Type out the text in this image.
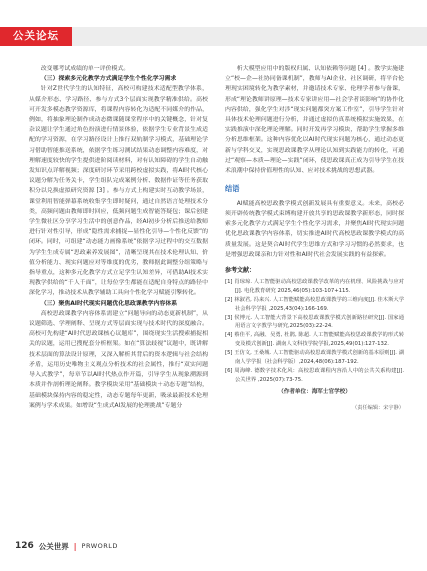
公关论坛

改变哪考试成绩的单一评价模式。

（三）探索多元化教学方式满足学生个性化学习需求

针对Z世代学生的认知特征，高校可构建技术适配型教学体系，从媒介形态、学习路径、参与方式3个层面实现教学精准供给。高校可开发多模态教学资源库，将课程内容转化为适配不同媒介的作品，例如，将抽象理论制作成动态微课随课堂程序中的关键概念，针对复杂议题让学生通过角色扮演进行情景体验，依据学生专业背景生成适配的学习资源，在学习路径设计上推行双轨制学习模式，基础理论学习借助智能推送系统，依据学生练习测试结果动态调整内容难度，对理解速度较快的学生提供进阶阅读材料，对有认知障碍的学生自动触发知识点详解视频；深度研讨环节采用跨校虚拟实践，将AI时代核心议题分解为任务关卡，学生组队完成案例分析、数据作证等任务获取积分以兑换虚拟研究资源 [3] 。参与方式上构建实时互动教学场景，课堂利用智能弹幕系统收集学生即时疑问，通过自然语言处理技术分类，高频问题由教师即时回应，低频问题生成智能答疑包；课后创建学生微社区分享学习生活中的创意作品，经AI初步分析后推送给教师进行针对性引导，形成“隐性需求捕捉—显性化引导—个性化反馈”的闭环。同时，可组建“动态能力画像系统”依据学习过程中的交互数据为学生生成专属“思政素养发展图”，清晰呈现其在技术伦理认知、价值分析能力、现实问题应对等维度的优劣，教师据此调整分组策略与指导重点，这种多元化教学方式立足学生认知差异，可借助AI技术实现教学供给的“千人千面”，让每位学生都能在适配自身特点的路径中深化学习，推动技术从教学辅助工具向个性化学习赋能引擎转化。

（三）聚焦AI时代现实问题优化思政课教学内容体系

高校思政课教学内容体系需建立“问题导向的动态更新机制”，从议题筛选、学理阐释、呈现方式等层面实现与技术时代的深度融合。高校可先构建“AI时代思政课核心议题库”，围绕现实生活搜索捕捉相关的议题，运用已搜配套分析框架。如在“算法歧视”议题中，既讲解技术层面的算法设计原理，又深入解析其背后的资本逻辑与社会结构矛盾，运用历史唯物主义观点分析技术的社会属性，推行“双实问题导入式教学”，每章节以AI时代热点作开篇，引导学生从现象溯源到本质并作剖析理论阐释。教学模块采用“基础模块＋动态专题”结构，基础模块保持内容的稳定性，动态专题每年更新，吸录最新技术伦理案例与学术成果。如增设“生成式AI发展的伦理挑战”专题分

析大模型应用中的版权归属、认知依赖等问题 [4] 。教学实施建立“校—企—社协同备课机制”，教师与AI企业、社区调研，将平台伦理现实困境转化为教学素材，并邀请技术专家、伦理学者参与备课，形成“理论教师讲原理—技术专家讲应用—社会学者谈影响”的协作化内容供给，强化学生对涉“现实问题都突方案工作室”，引导学生针对具体技术伦理问题进行分析，并通过虚拟仿真系统模拟实施效果，在实践推演中深化理论理解。同时开发再学习模块，帮助学生掌握多维分析思维框架。这种内容优化以AI时代现实问题为核心，通过动态更新与学科交叉，实现思政课教学从理论认知到实践能力的转化，可通过“观察—本质—理论—实践”闭环，使思政课真正成为引导学生在技术浪潮中保持价值理性的认知、应对技术挑战的思想武器。

结语

AI赋能高校思政教学模式创新发展具有重要意义。未来，高校必须开辟传统教学模式束缚构建开放共享的思政课教学新形态，同时探索多元化教学方式满足学生个性化学习需求，并聚焦AI时代现实问题优化思政课教学内容体系，切实推进AI时代高校思政课教学模式的高质量发展。这是契合AI时代学生思维方式和学习习惯的必然要求，也是增强思政课亲和力针对性和AI时代社会发展实践的有益探索。

参考文献：
[1] 肖琼琼. 人工智能驱动高校思政课教学改革的内在机理、风险挑战与应对[J]. 电化教育研究 2025,46(05):103-107+115.
[2] 林淑君, 冯来兴. 人工智能赋能高校思政课教学的三维向度[J]. 佳木斯大学社会科学学报 ,2025,43(04):166-169.
[3] 侯博元. 人工智能大背景下高校思政课教学模式创新路径研究[J]. 国家通用语言文字教学与研究,2025(03):22-24.
[4] 蔡佳平, 高融、吴勇, 杜鹃, 陈超. 人工智能赋能高校思政课教学的形式转变及模式创新[J]. 湖南人文科技学院学报,2025,49(01):127-132.
[5] 王仿文, 王桑城. 人工智能驱动高校思政课教学模式创新的基本原则[J]. 湖南人学学报（社会科学版）,2024,48(06):187-192.
[6] 周海峰. 德数字技术化风：高校思政课程内容沿人中的公共关系构建[J]. 公关世界 ,2025(07):73-75.
（作者单位：海军士官学校）
（责任编辑：宋宇静）
126 公关世界 | PRWORLD
